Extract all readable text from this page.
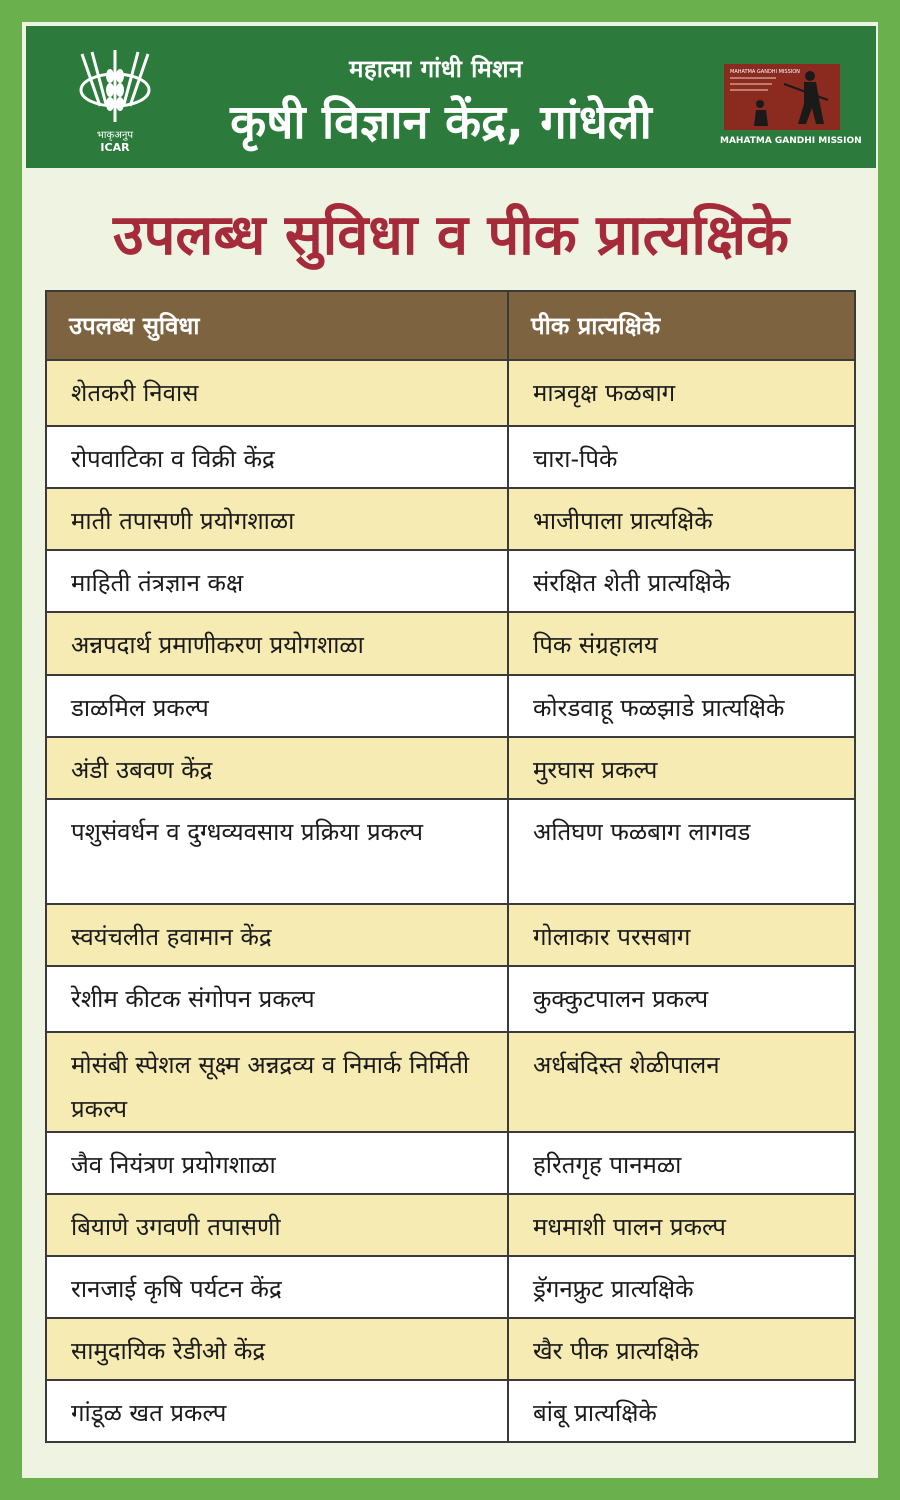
भाकृअनुप
ICAR
महात्मा गांधी मिशन
कृषी विज्ञान केंद्र, गांधेली
MAHATMA GANDHI MISSION
MAHATMA GANDHI MISSION
उपलब्ध सुविधा व पीक प्रात्यक्षिके
उपलब्ध सुविधा	पीक प्रात्यक्षिके
शेतकरी निवास	मात्रवृक्ष फळबाग
रोपवाटिका व विक्री केंद्र	चारा-पिके
माती तपासणी प्रयोगशाळा	भाजीपाला प्रात्यक्षिके
माहिती तंत्रज्ञान कक्ष	संरक्षित शेती प्रात्यक्षिके
अन्नपदार्थ प्रमाणीकरण प्रयोगशाळा	पिक संग्रहालय
डाळमिल प्रकल्प	कोरडवाहू फळझाडे प्रात्यक्षिके
अंडी उबवण केंद्र	मुरघास प्रकल्प
पशुसंवर्धन व दुग्धव्यवसाय प्रक्रिया प्रकल्प	अतिघण फळबाग लागवड
स्वयंचलीत हवामान केंद्र	गोलाकार परसबाग
रेशीम कीटक संगोपन प्रकल्प	कुक्कुटपालन प्रकल्प
मोसंबी स्पेशल सूक्ष्म अन्नद्रव्य व निमार्क निर्मिती प्रकल्प	अर्धबंदिस्त शेळीपालन
जैव नियंत्रण प्रयोगशाळा	हरितगृह पानमळा
बियाणे उगवणी तपासणी	मधमाशी पालन प्रकल्प
रानजाई कृषि पर्यटन केंद्र	ड्रॅगनफ्रुट प्रात्यक्षिके
सामुदायिक रेडीओ केंद्र	खैर पीक प्रात्यक्षिके
गांडूळ खत प्रकल्प	बांबू प्रात्यक्षिके
